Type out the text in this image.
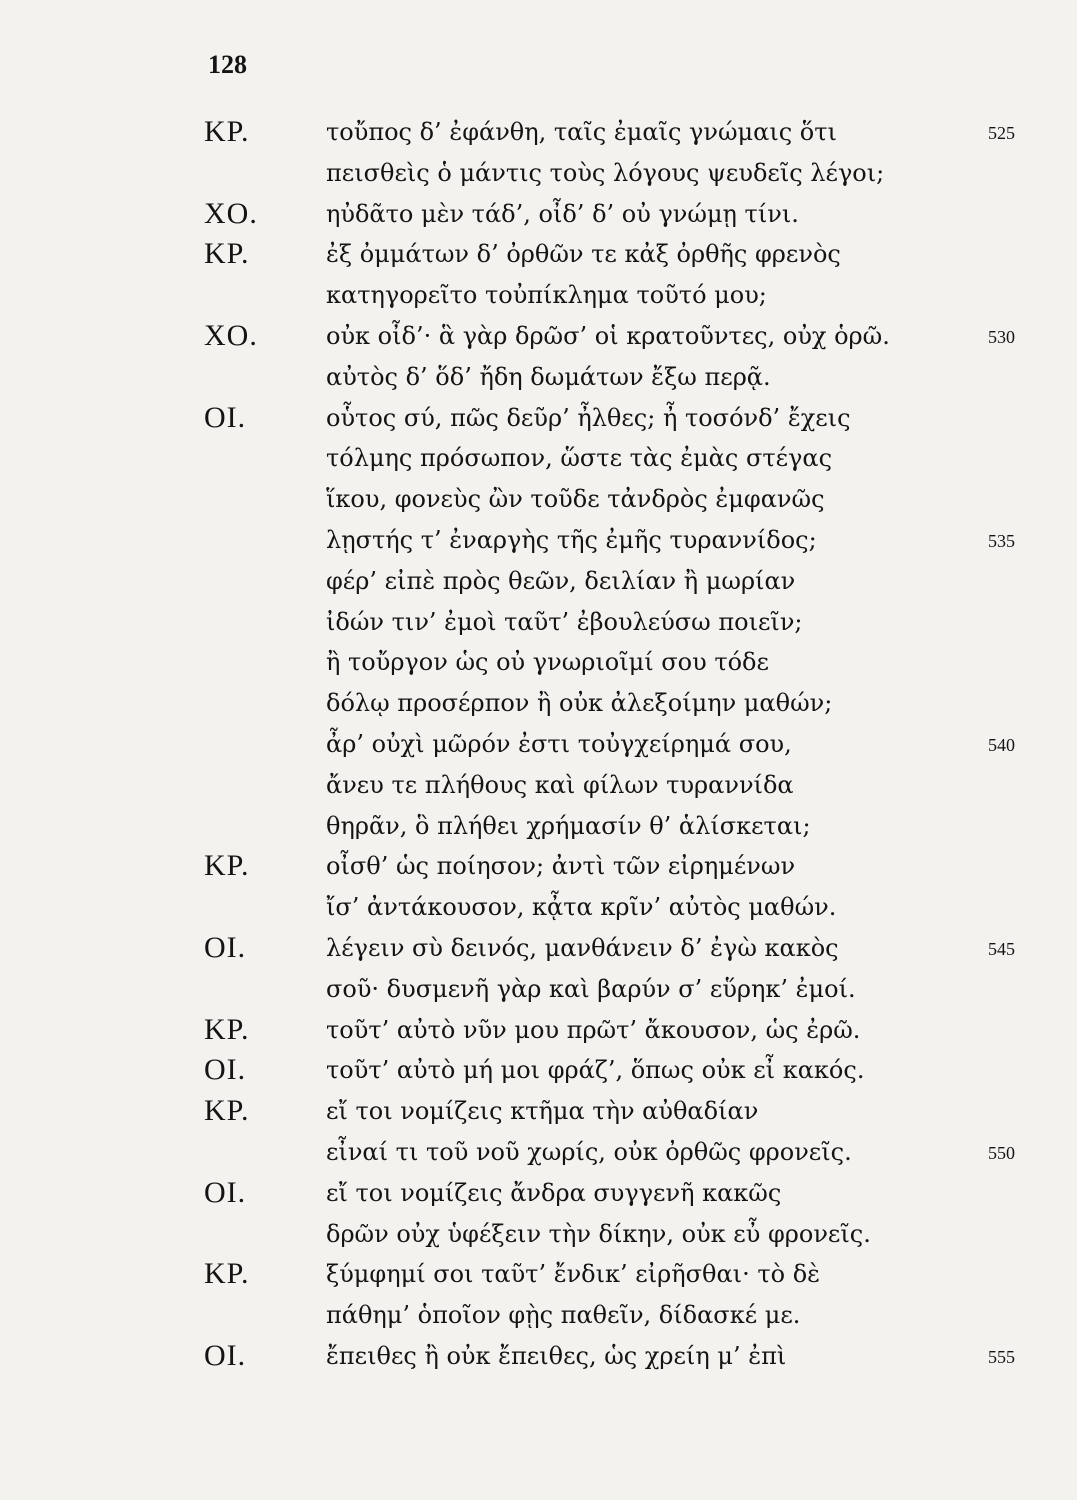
128
ΚΡ.	τοὔπος δ’ ἐφάνθη, ταῖς ἐμαῖς γνώμαις ὅτι	525
πεισθεὶς ὁ μάντις τοὺς λόγους ψευδεῖς λέγοι;
ΧΟ.	ηὐδᾶτο μὲν τάδ’, οἶδ’ δ’ οὐ γνώμῃ τίνι.
ΚΡ.	ἐξ ὀμμάτων δ’ ὀρθῶν τε κἀξ ὀρθῆς φρενὸς
κατηγορεῖτο τοὐπίκλημα τοῦτό μου;
ΧΟ.	οὐκ οἶδ’· ἃ γὰρ δρῶσ’ οἱ κρατοῦντες, οὐχ ὁρῶ.	530
αὐτὸς δ’ ὅδ’ ἤδη δωμάτων ἔξω περᾷ.
ΟΙ.	οὗτος σύ, πῶς δεῦρ’ ἦλθες; ἦ τοσόνδ’ ἔχεις
τόλμης πρόσωπον, ὥστε τὰς ἐμὰς στέγας
ἵκου, φονεὺς ὢν τοῦδε τἀνδρὸς ἐμφανῶς
λῃστής τ’ ἐναργὴς τῆς ἐμῆς τυραννίδος;	535
φέρ’ εἰπὲ πρὸς θεῶν, δειλίαν ἢ μωρίαν
ἰδών τιν’ ἐμοὶ ταῦτ’ ἐβουλεύσω ποιεῖν;
ἢ τοὔργον ὡς οὐ γνωριοῖμί σου τόδε
δόλῳ προσέρπον ἢ οὐκ ἀλεξοίμην μαθών;
ἆρ’ οὐχὶ μῶρόν ἐστι τοὐγχείρημά σου,	540
ἄνευ τε πλήθους καὶ φίλων τυραννίδα
θηρᾶν, ὃ πλήθει χρήμασίν θ’ ἁλίσκεται;
ΚΡ.	οἶσθ’ ὡς ποίησον; ἀντὶ τῶν εἰρημένων
ἴσ’ ἀντάκουσον, κᾆτα κρῖν’ αὐτὸς μαθών.
ΟΙ.	λέγειν σὺ δεινός, μανθάνειν δ’ ἐγὼ κακὸς	545
σοῦ· δυσμενῆ γὰρ καὶ βαρύν σ’ εὕρηκ’ ἐμοί.
ΚΡ.	τοῦτ’ αὐτὸ νῦν μου πρῶτ’ ἄκουσον, ὡς ἐρῶ.
ΟΙ.	τοῦτ’ αὐτὸ μή μοι φράζ’, ὅπως οὐκ εἶ κακός.
ΚΡ.	εἴ τοι νομίζεις κτῆμα τὴν αὐθαδίαν
εἶναί τι τοῦ νοῦ χωρίς, οὐκ ὀρθῶς φρονεῖς.	550
ΟΙ.	εἴ τοι νομίζεις ἄνδρα συγγενῆ κακῶς
δρῶν οὐχ ὑφέξειν τὴν δίκην, οὐκ εὖ φρονεῖς.
ΚΡ.	ξύμφημί σοι ταῦτ’ ἔνδικ’ εἰρῆσθαι· τὸ δὲ
πάθημ’ ὁποῖον φῂς παθεῖν, δίδασκέ με.
ΟΙ.	ἔπειθες ἢ οὐκ ἔπειθες, ὡς χρείη μ’ ἐπὶ	555
